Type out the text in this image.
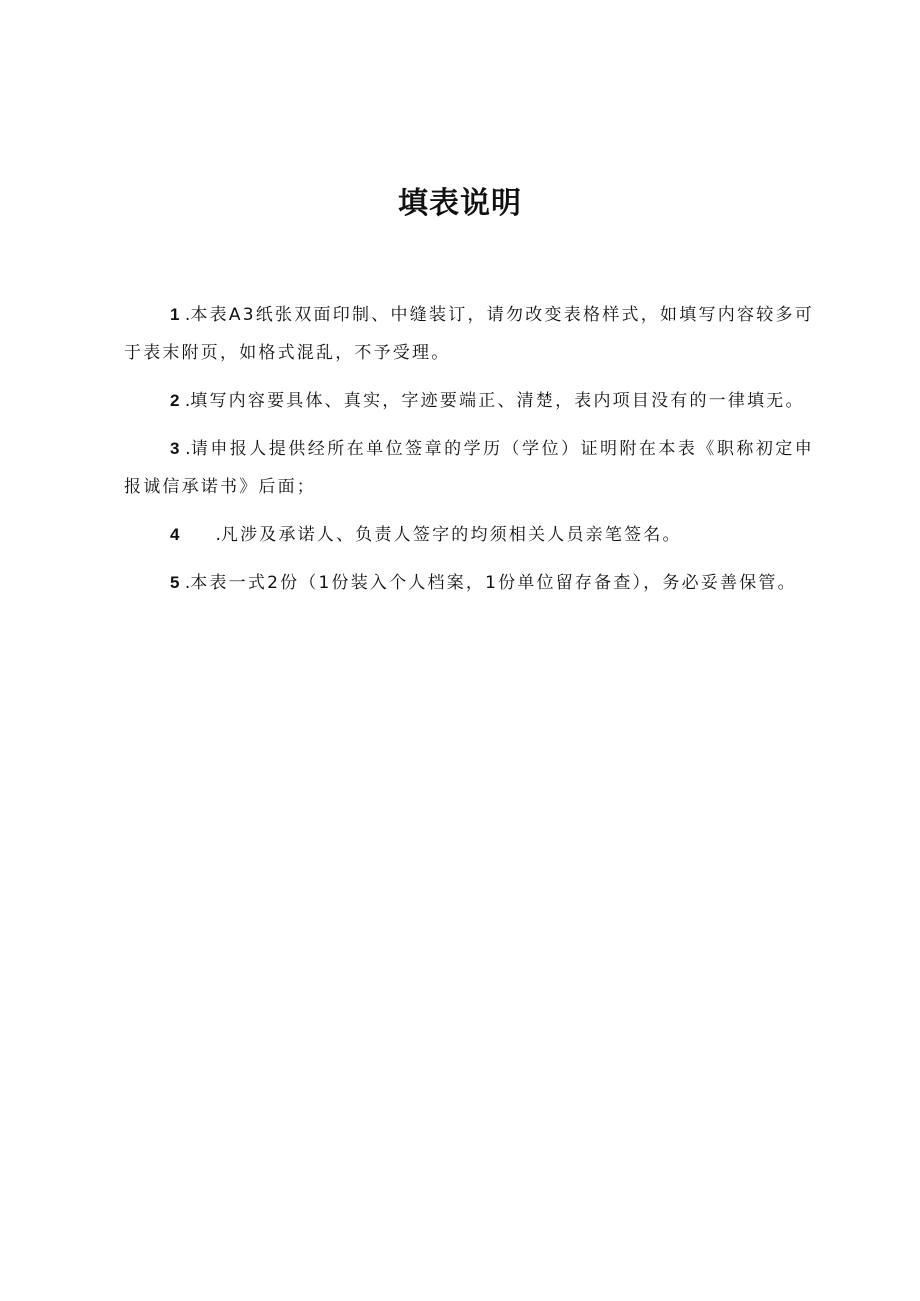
填表说明

1 .本表A3纸张双面印制、中缝装订，请勿改变表格样式，如填写内容较多可于表末附页，如格式混乱，不予受理。

2 .填写内容要具体、真实，字迹要端正、清楚，表内项目没有的一律填无。

3 .请申报人提供经所在单位签章的学历（学位）证明附在本表《职称初定申报诚信承诺书》后面；

4 .凡涉及承诺人、负责人签字的均须相关人员亲笔签名。

5 .本表一式2份（1份装入个人档案，1份单位留存备查），务必妥善保管。
